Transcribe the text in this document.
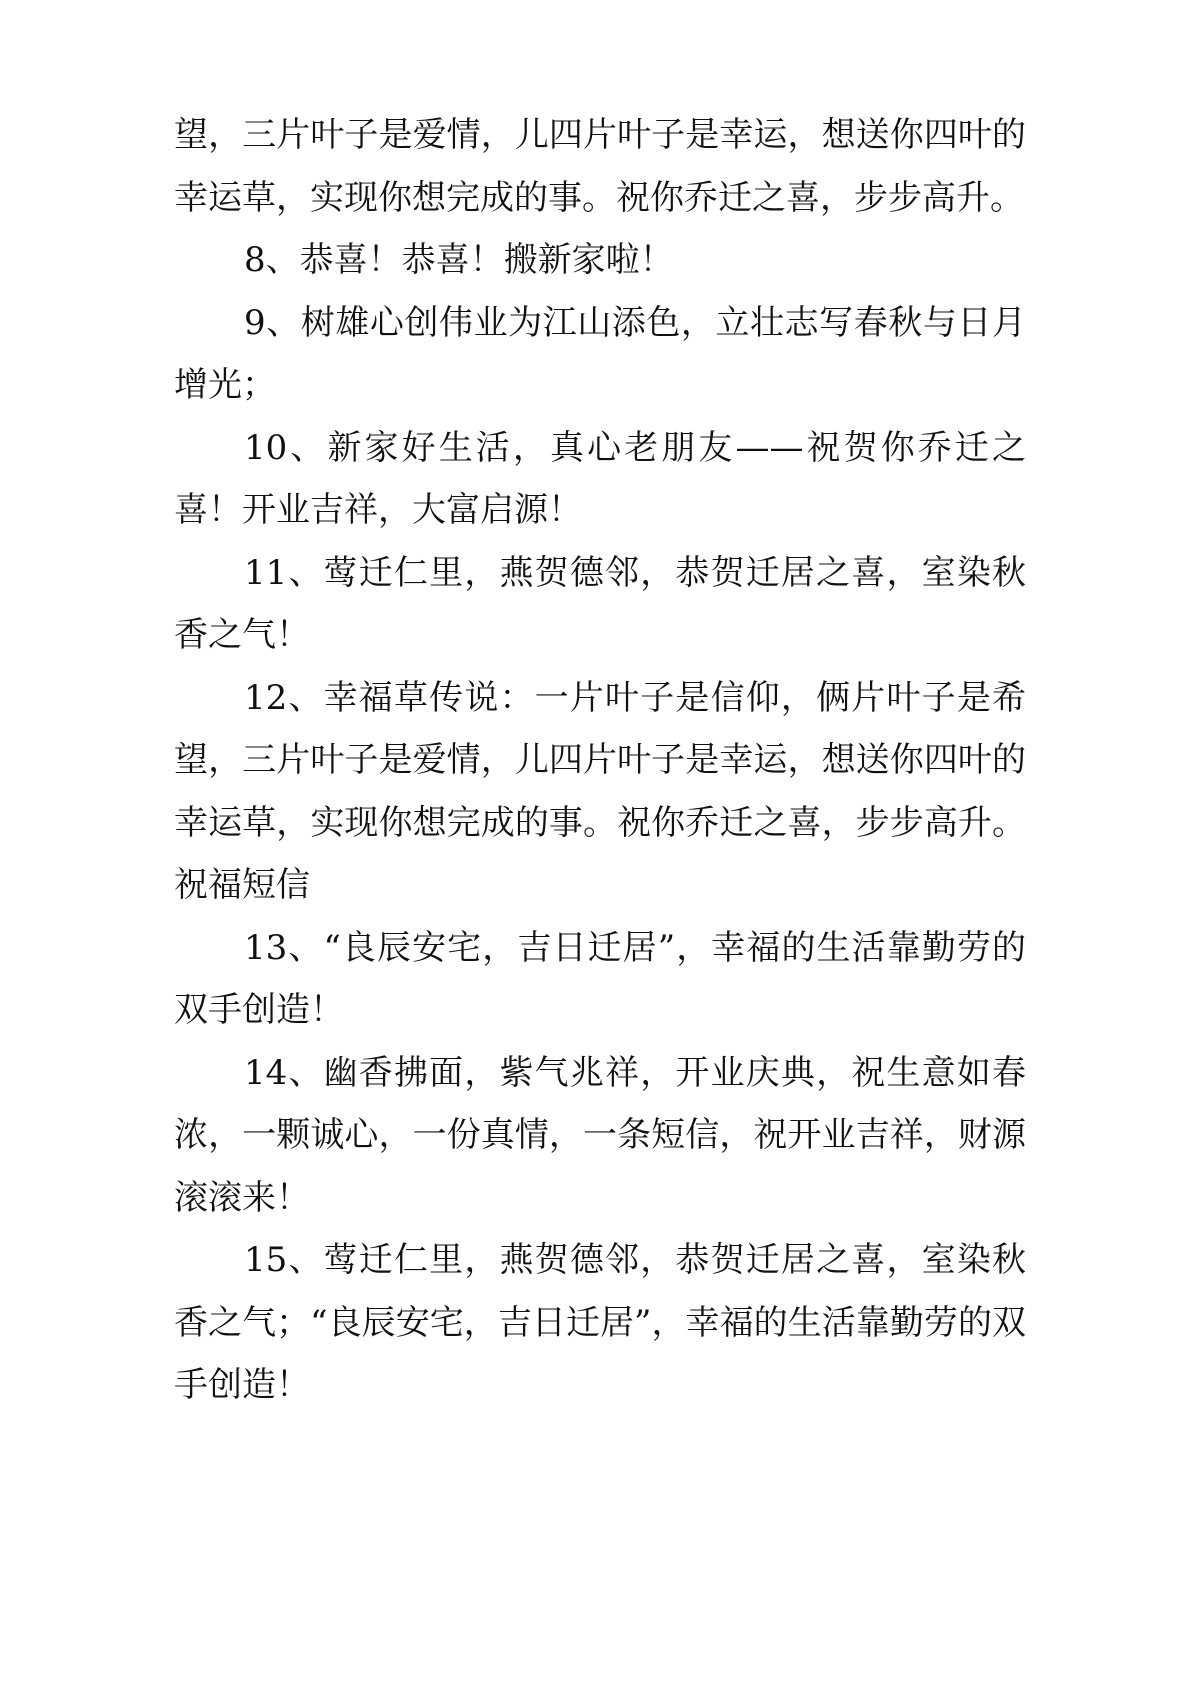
望，三片叶子是爱情，儿四片叶子是幸运，想送你四叶的幸运草，实现你想完成的事。祝你乔迁之喜，步步高升。

8、恭喜！恭喜！搬新家啦！

9、树雄心创伟业为江山添色，立壮志写春秋与日月增光；

10、新家好生活，真心老朋友——祝贺你乔迁之喜！开业吉祥，大富启源！

11、莺迁仁里，燕贺德邻，恭贺迁居之喜，室染秋香之气！

12、幸福草传说：一片叶子是信仰，俩片叶子是希望，三片叶子是爱情，儿四片叶子是幸运，想送你四叶的幸运草，实现你想完成的事。祝你乔迁之喜，步步高升。祝福短信

13、“良辰安宅，吉日迁居”，幸福的生活靠勤劳的双手创造！

14、幽香拂面，紫气兆祥，开业庆典，祝生意如春浓，一颗诚心，一份真情，一条短信，祝开业吉祥，财源滚滚来！

15、莺迁仁里，燕贺德邻，恭贺迁居之喜，室染秋香之气；“良辰安宅，吉日迁居”，幸福的生活靠勤劳的双手创造！
